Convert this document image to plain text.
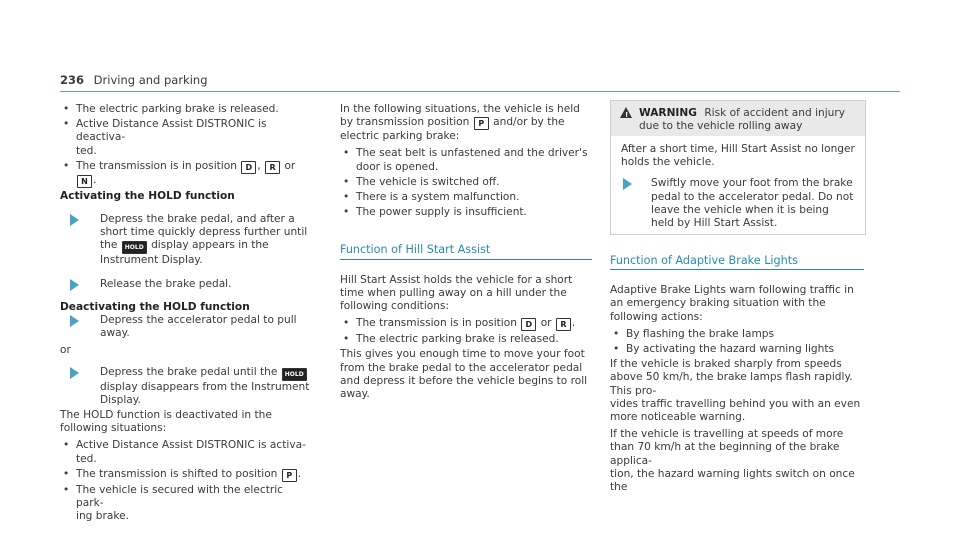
236 Driving and parking
• The electric parking brake is released.
• Active Distance Assist DISTRONIC is deactiva-
ted.
• The transmission is in position D , R or N .
Activating the HOLD function
Depress the brake pedal, and after a short time quickly depress further until the HOLD display appears in the Instrument Display.
Release the brake pedal.
Deactivating the HOLD function
Depress the accelerator pedal to pull away.
or
Depress the brake pedal until the HOLD display disappears from the Instrument Display.
The HOLD function is deactivated in the following situations:
• Active Distance Assist DISTRONIC is activa-
ted.
• The transmission is shifted to position P .
• The vehicle is secured with the electric park-
ing brake.
In the following situations, the vehicle is held by transmission position P and/or by the electric parking brake:
• The seat belt is unfastened and the driver's door is opened.
• The vehicle is switched off.
• There is a system malfunction.
• The power supply is insufficient.
Function of Hill Start Assist
Hill Start Assist holds the vehicle for a short time when pulling away on a hill under the following conditions:
• The transmission is in position D or R .
• The electric parking brake is released.
This gives you enough time to move your foot from the brake pedal to the accelerator pedal and depress it before the vehicle begins to roll away.
! WARNING Risk of accident and injury due to the vehicle rolling away
After a short time, Hill Start Assist no longer holds the vehicle.
Swiftly move your foot from the brake pedal to the accelerator pedal. Do not leave the vehicle when it is being held by Hill Start Assist.
Function of Adaptive Brake Lights
Adaptive Brake Lights warn following traffic in an emergency braking situation with the following actions:
• By flashing the brake lamps
• By activating the hazard warning lights
If the vehicle is braked sharply from speeds above 50 km/h, the brake lamps flash rapidly. This pro-
vides traffic travelling behind you with an even more noticeable warning.
If the vehicle is travelling at speeds of more than 70 km/h at the beginning of the brake applica-
tion, the hazard warning lights switch on once the
